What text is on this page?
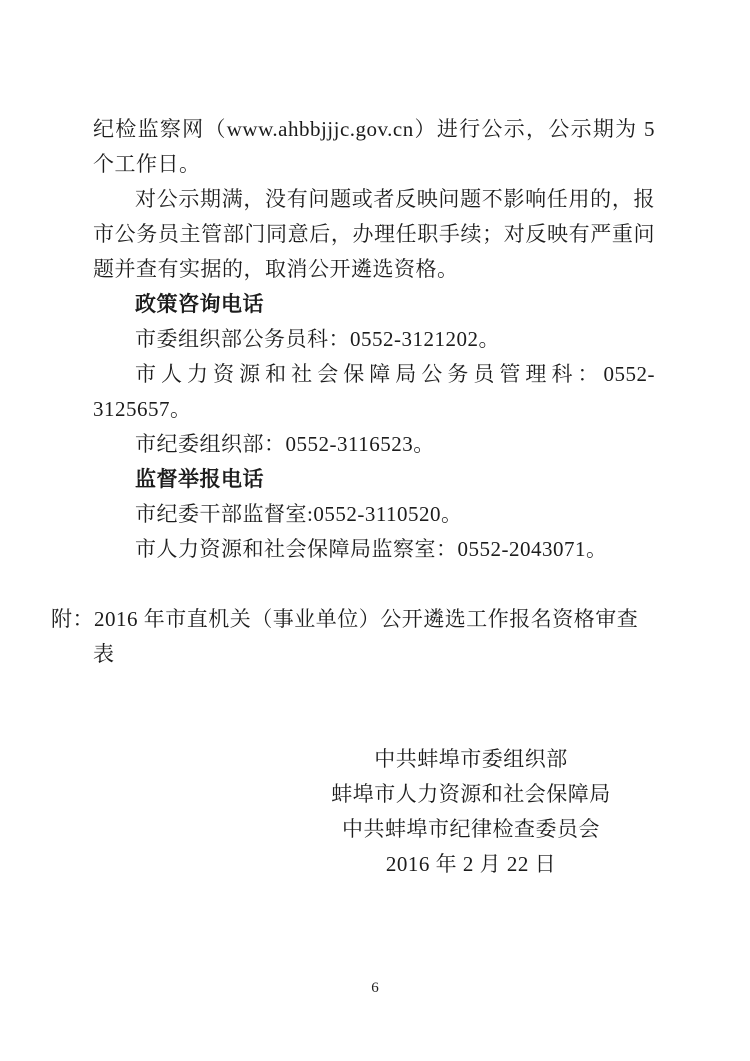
纪检监察网（www.ahbbjjjc.gov.cn）进行公示，公示期为 5 个工作日。

对公示期满，没有问题或者反映问题不影响任用的，报市公务员主管部门同意后，办理任职手续；对反映有严重问题并查有实据的，取消公开遴选资格。

政策咨询电话

市委组织部公务员科：0552-3121202。

市人力资源和社会保障局公务员管理科：0552-3125657。

市纪委组织部：0552-3116523。

监督举报电话

市纪委干部监督室:0552-3110520。

市人力资源和社会保障局监察室：0552-2043071。

附：2016 年市直机关（事业单位）公开遴选工作报名资格审查表

中共蚌埠市委组织部

蚌埠市人力资源和社会保障局

中共蚌埠市纪律检查委员会

2016 年 2 月 22 日

6
